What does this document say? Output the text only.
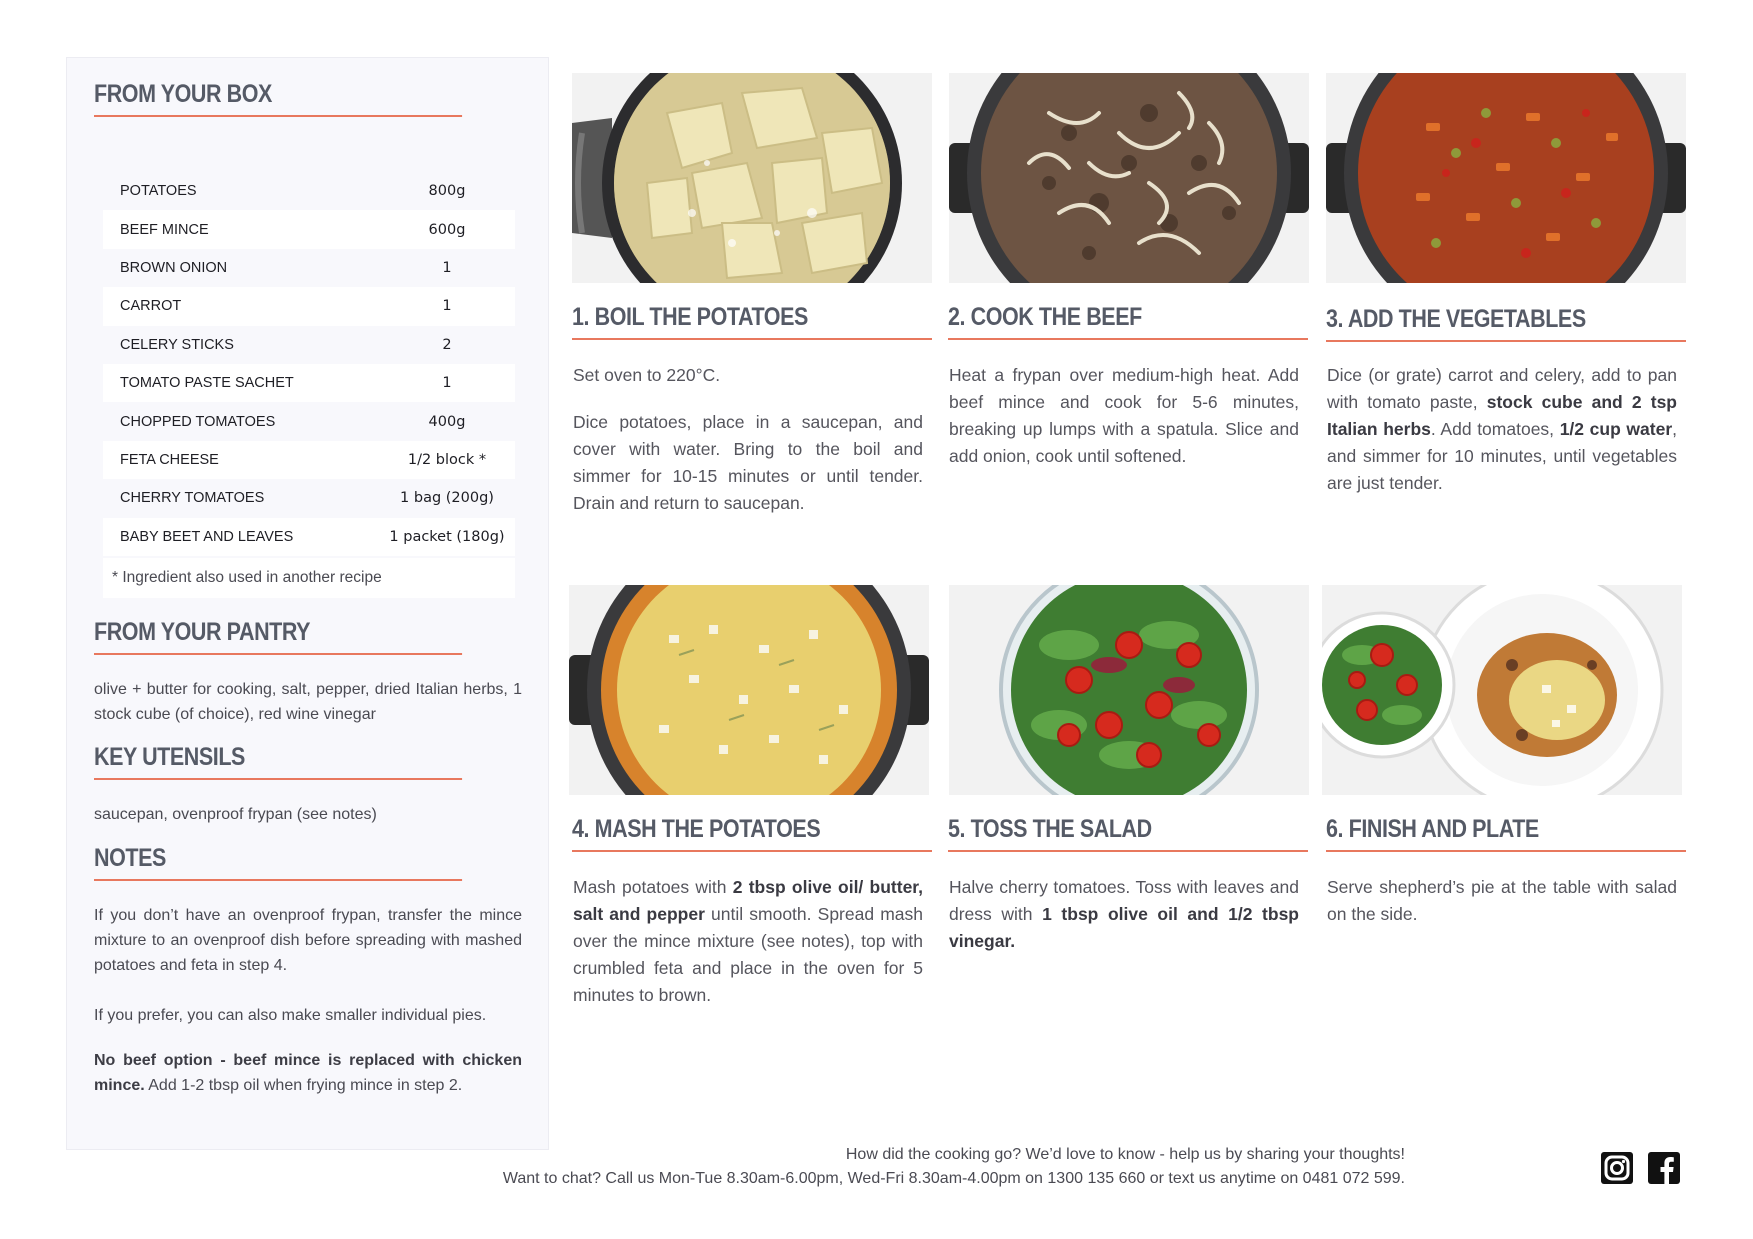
FROM YOUR BOX
POTATOES	800g
BEEF MINCE	600g
BROWN ONION	1
CARROT	1
CELERY STICKS	2
TOMATO PASTE SACHET	1
CHOPPED TOMATOES	400g
FETA CHEESE	1/2 block *
CHERRY TOMATOES	1 bag (200g)
BABY BEET AND LEAVES	1 packet (180g)
* Ingredient also used in another recipe
FROM YOUR PANTRY
olive + butter for cooking, salt, pepper, dried Italian herbs, 1 stock cube (of choice), red wine vinegar
KEY UTENSILS
saucepan, ovenproof frypan (see notes)
NOTES
If you don’t have an ovenproof frypan, transfer the mince mixture to an ovenproof dish before spreading with mashed potatoes and feta in step 4.
If you prefer, you can also make smaller individual pies.
No beef option - beef mince is replaced with chicken mince. Add 1-2 tbsp oil when frying mince in step 2.
1. BOIL THE POTATOES

Set oven to 220°C.

Dice potatoes, place in a saucepan, and cover with water. Bring to the boil and simmer for 10-15 minutes or until tender. Drain and return to saucepan.

2. COOK THE BEEF

Heat a frypan over medium-high heat. Add beef mince and cook for 5-6 minutes, breaking up lumps with a spatula. Slice and add onion, cook until softened.

3. ADD THE VEGETABLES

Dice (or grate) carrot and celery, add to pan with tomato paste, stock cube and 2 tsp Italian herbs. Add tomatoes, 1/2 cup water, and simmer for 10 minutes, until vegetables are just tender.

4. MASH THE POTATOES

Mash potatoes with 2 tbsp olive oil/ butter, salt and pepper until smooth. Spread mash over the mince mixture (see notes), top with crumbled feta and place in the oven for 5 minutes to brown.

5. TOSS THE SALAD

Halve cherry tomatoes. Toss with leaves and dress with 1 tbsp olive oil and 1/2 tbsp vinegar.

6. FINISH AND PLATE

Serve shepherd’s pie at the table with salad on the side.

How did the cooking go? We’d love to know - help us by sharing your thoughts!
Want to chat? Call us Mon-Tue 8.30am-6.00pm, Wed-Fri 8.30am-4.00pm on 1300 135 660 or text us anytime on 0481 072 599.
